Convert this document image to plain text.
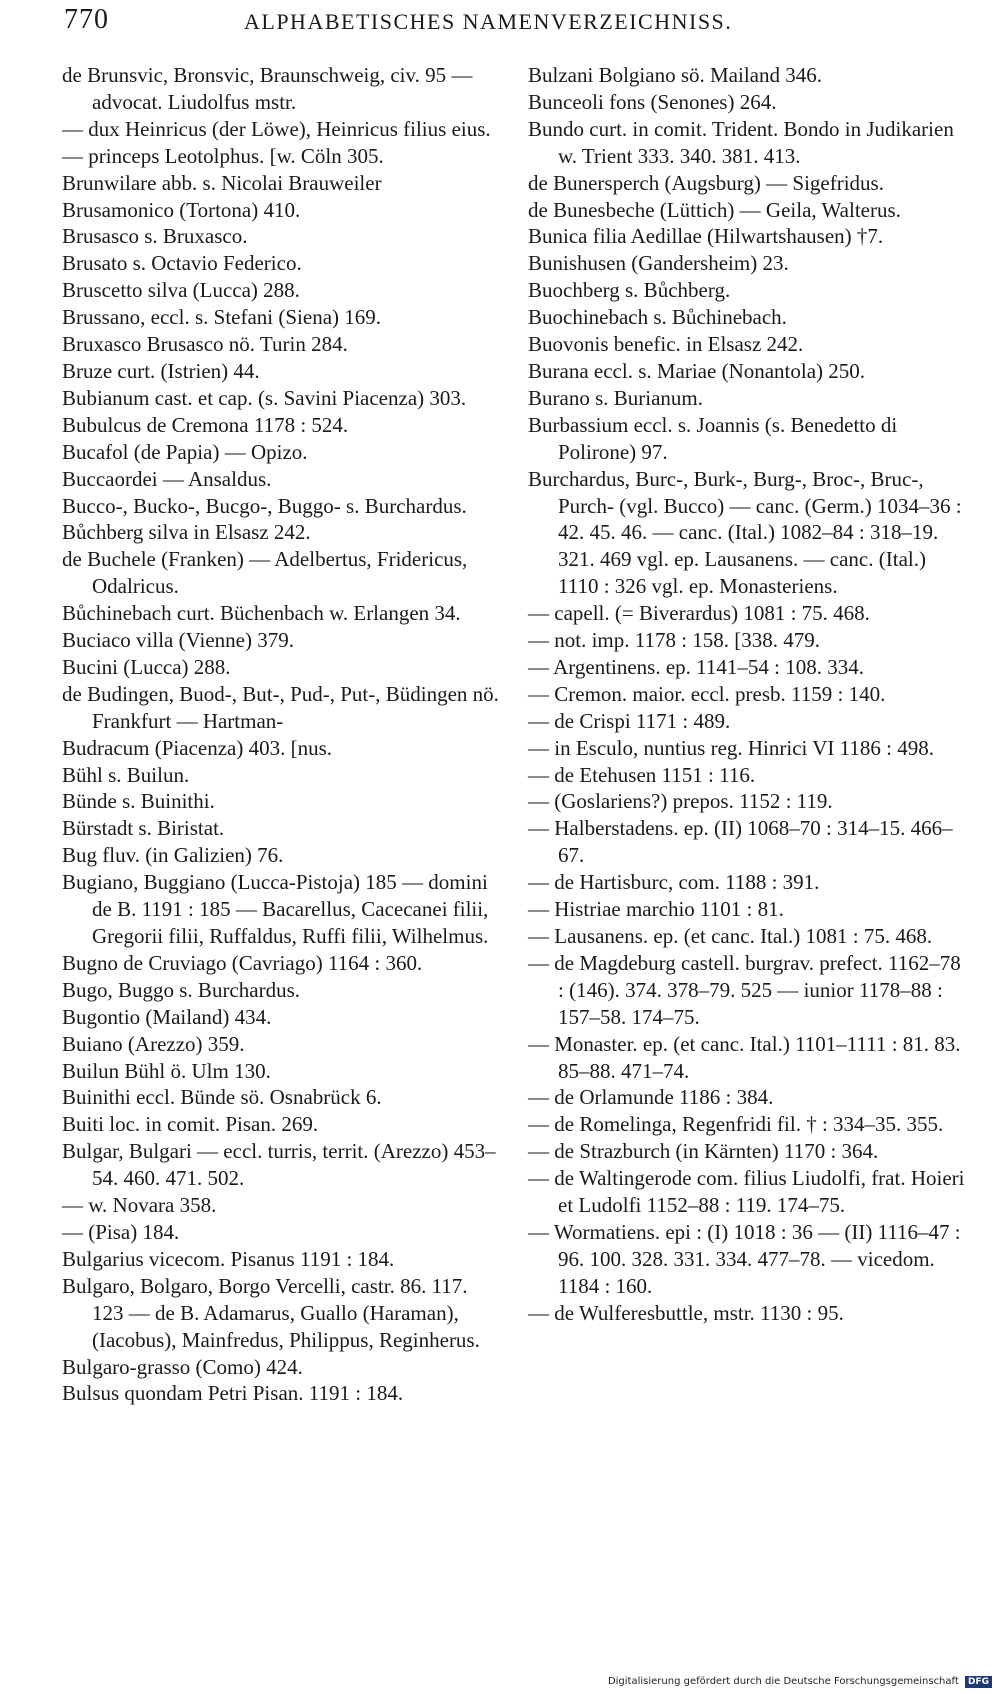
770	ALPHABETISCHES NAMENVERZEICHNISS.
de Brunsvic, Bronsvic, Braunschweig, civ. 95 — advocat. Liudolfus mstr.
— dux Heinricus (der Löwe), Heinricus filius eius.
— princeps Leotolphus. [w. Cöln 305.
Brunwilare abb. s. Nicolai Brauweiler
Brusamonico (Tortona) 410.
Brusasco s. Bruxasco.
Brusato s. Octavio Federico.
Bruscetto silva (Lucca) 288.
Brussano, eccl. s. Stefani (Siena) 169.
Bruxasco Brusasco nö. Turin 284.
Bruze curt. (Istrien) 44.
Bubianum cast. et cap. (s. Savini Piacenza) 303.
Bubulcus de Cremona 1178 : 524.
Bucafol (de Papia) — Opizo.
Buccaordei — Ansaldus.
Bucco-, Bucko-, Bucgo-, Buggo- s. Burchardus.
Bůchberg silva in Elsasz 242.
de Buchele (Franken) — Adelbertus, Fridericus, Odalricus.
Bůchinebach curt. Büchenbach w. Erlangen 34.
Buciaco villa (Vienne) 379.
Bucini (Lucca) 288.
de Budingen, Buod-, But-, Pud-, Put-, Büdingen nö. Frankfurt — Hartman-
Budracum (Piacenza) 403. [nus.
Bühl s. Builun.
Bünde s. Buinithi.
Bürstadt s. Biristat.
Bug fluv. (in Galizien) 76.
Bugiano, Buggiano (Lucca-Pistoja) 185 — domini de B. 1191 : 185 — Bacarellus, Cacecanei filii, Gregorii filii, Ruffaldus, Ruffi filii, Wilhelmus.
Bugno de Cruviago (Cavriago) 1164 : 360.
Bugo, Buggo s. Burchardus.
Bugontio (Mailand) 434.
Buiano (Arezzo) 359.
Builun Bühl ö. Ulm 130.
Buinithi eccl. Bünde sö. Osnabrück 6.
Buiti loc. in comit. Pisan. 269.
Bulgar, Bulgari — eccl. turris, territ. (Arezzo) 453–54. 460. 471. 502.
— w. Novara 358.
— (Pisa) 184.
Bulgarius vicecom. Pisanus 1191 : 184.
Bulgaro, Bolgaro, Borgo Vercelli, castr. 86. 117. 123 — de B. Adamarus, Guallo (Haraman), (Iacobus), Mainfredus, Philippus, Reginherus.
Bulgaro-grasso (Como) 424.
Bulsus quondam Petri Pisan. 1191 : 184.
Bulzani Bolgiano sö. Mailand 346.
Bunceoli fons (Senones) 264.
Bundo curt. in comit. Trident. Bondo in Judikarien w. Trient 333. 340. 381. 413.
de Bunersperch (Augsburg) — Sigefridus.
de Bunesbeche (Lüttich) — Geila, Walterus.
Bunica filia Aedillae (Hilwartshausen) †7.
Bunishusen (Gandersheim) 23.
Buochberg s. Bůchberg.
Buochinebach s. Bůchinebach.
Buovonis benefic. in Elsasz 242.
Burana eccl. s. Mariae (Nonantola) 250.
Burano s. Burianum.
Burbassium eccl. s. Joannis (s. Benedetto di Polirone) 97.
Burchardus, Burc-, Burk-, Burg-, Broc-, Bruc-, Purch- (vgl. Bucco) — canc. (Germ.) 1034–36 : 42. 45. 46. — canc. (Ital.) 1082–84 : 318–19. 321. 469 vgl. ep. Lausanens. — canc. (Ital.) 1110 : 326 vgl. ep. Monasteriens.
— capell. (= Biverardus) 1081 : 75. 468.
— not. imp. 1178 : 158. [338. 479.
— Argentinens. ep. 1141–54 : 108. 334.
— Cremon. maior. eccl. presb. 1159 : 140.
— de Crispi 1171 : 489.
— in Esculo, nuntius reg. Hinrici VI 1186 : 498.
— de Etehusen 1151 : 116.
— (Goslariens?) prepos. 1152 : 119.
— Halberstadens. ep. (II) 1068–70 : 314–15. 466–67.
— de Hartisburc, com. 1188 : 391.
— Histriae marchio 1101 : 81.
— Lausanens. ep. (et canc. Ital.) 1081 : 75. 468.
— de Magdeburg castell. burgrav. prefect. 1162–78 : (146). 374. 378–79. 525 — iunior 1178–88 : 157–58. 174–75.
— Monaster. ep. (et canc. Ital.) 1101–1111 : 81. 83. 85–88. 471–74.
— de Orlamunde 1186 : 384.
— de Romelinga, Regenfridi fil. † : 334–35. 355.
— de Strazburch (in Kärnten) 1170 : 364.
— de Waltingerode com. filius Liudolfi, frat. Hoieri et Ludolfi 1152–88 : 119. 174–75.
— Wormatiens. epi : (I) 1018 : 36 — (II) 1116–47 : 96. 100. 328. 331. 334. 477–78. — vicedom. 1184 : 160.
— de Wulferesbuttle, mstr. 1130 : 95.
Digitalisierung gefördert durch die Deutsche Forschungsgemeinschaft DFG
